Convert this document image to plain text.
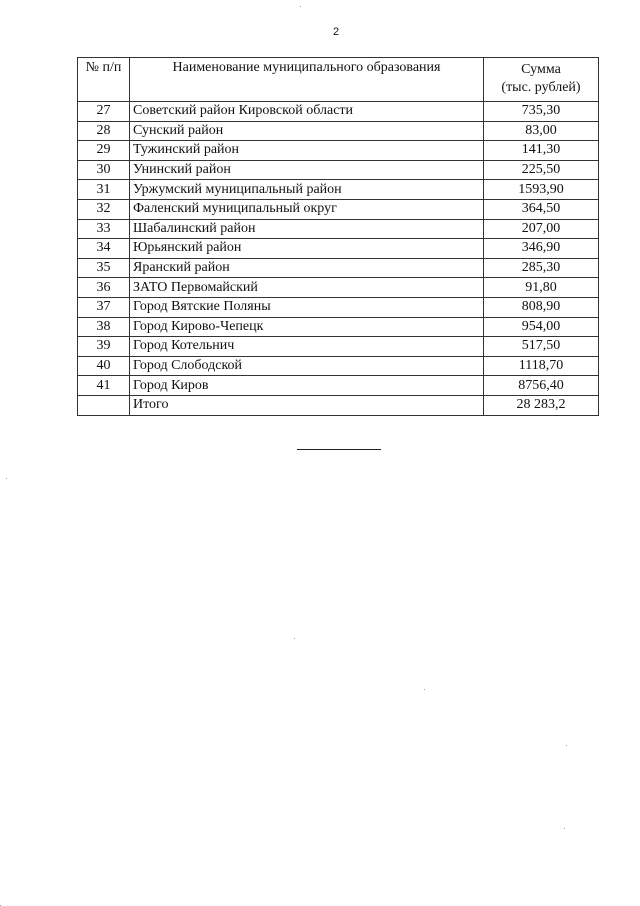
2
№ п/п	Наименование муниципального образования	Сумма
(тыс. рублей)
27	Советский район Кировской области	735,30
28	Сунский район	83,00
29	Тужинский район	141,30
30	Унинский район	225,50
31	Уржумский муниципальный район	1593,90
32	Фаленский муниципальный округ	364,50
33	Шабалинский район	207,00
34	Юрьянский район	346,90
35	Яранский район	285,30
36	ЗАТО Первомайский	91,80
37	Город Вятские Поляны	808,90
38	Город Кирово-Чепецк	954,00
39	Город Котельнич	517,50
40	Город Слободской	1118,70
41	Город Киров	8756,40
	Итого	28 283,2
